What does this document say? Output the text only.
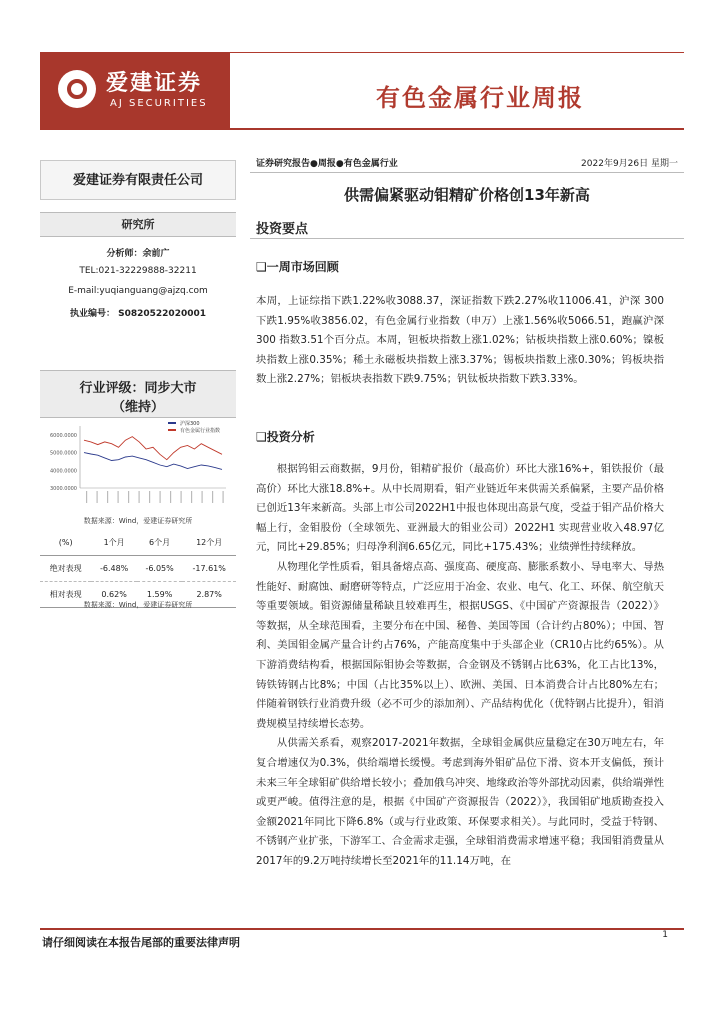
爱建证券
AJ SECURITIES	有色金属行业周报
爱建证券有限责任公司
研究所
分析师：余前广
TEL:021-32229888-32211
E-mail:yuqianguang@ajzq.com
执业编号： S0820522020001
行业评级：同步大市
（维持）
6000.0000
5000.0000
4000.0000
3000.0000
沪深300
有色金属行业指数
数据来源：Wind，爱建证券研究所
(%)	1个月	6个月	12个月
绝对表现	-6.48%	-6.05%	-17.61%
相对表现	0.62%	1.59%	2.87%
数据来源：Wind，爱建证券研究所
证券研究报告●周报●有色金属行业	2022年9月26日 星期一
供需偏紧驱动钼精矿价格创13年新高
投资要点
❑一周市场回顾

本周，上证综指下跌1.22%收3088.37，深证指数下跌2.27%收11006.41，沪深 300 下跌1.95%收3856.02，有色金属行业指数（申万）上涨1.56%收5066.51，跑赢沪深 300 指数3.51个百分点。本周，钽板块指数上涨1.02%；钴板块指数上涨0.60%；镍板块指数上涨0.35%；稀土永磁板块指数上涨3.37%；锡板块指数上涨0.30%；钨板块指数上涨2.27%；铝板块表指数下跌9.75%；钒钛板块指数下跌3.33%。

❑投资分析

根据钨钼云商数据，9月份，钼精矿报价（最高价）环比大涨16%+，钼铁报价（最高价）环比大涨18.8%+。从中长周期看，钼产业链近年来供需关系偏紧，主要产品价格已创近13年来新高。头部上市公司2022H1中报也体现出高景气度，受益于钼产品价格大幅上行，金钼股份（全球领先、亚洲最大的钼业公司）2022H1 实现营业收入48.97亿元，同比+29.85%；归母净利润6.65亿元，同比+175.43%；业绩弹性持续释放。

从物理化学性质看，钼具备熔点高、强度高、硬度高、膨胀系数小、导电率大、导热性能好、耐腐蚀、耐磨研等特点，广泛应用于冶金、农业、电气、化工、环保、航空航天等重要领域。钼资源储量稀缺且较难再生，根据USGS、《中国矿产资源报告（2022）》等数据，从全球范围看，主要分布在中国、秘鲁、美国等国（合计约占80%）；中国、智利、美国钼金属产量合计约占76%，产能高度集中于头部企业（CR10占比约65%）。从下游消费结构看，根据国际钼协会等数据，合金钢及不锈钢占比63%，化工占比13%，铸铁铸钢占比8%；中国（占比35%以上）、欧洲、美国、日本消费合计占比80%左右；伴随着钢铁行业消费升级（必不可少的添加剂）、产品结构优化（优特钢占比提升），钼消费规模呈持续增长态势。

从供需关系看，观察2017-2021年数据，全球钼金属供应量稳定在30万吨左右，年复合增速仅为0.3%，供给端增长缓慢。考虑到海外钼矿品位下滑、资本开支偏低，预计未来三年全球钼矿供给增长较小；叠加俄乌冲突、地缘政治等外部扰动因素，供给端弹性或更严峻。值得注意的是，根据《中国矿产资源报告（2022）》，我国钼矿地质勘查投入金额2021年同比下降6.8%（或与行业政策、环保要求相关）。与此同时，受益于特钢、不锈钢产业扩张，下游军工、合金需求走强，全球钼消费需求增速平稳；我国钼消费量从2017年的9.2万吨持续增长至2021年的11.14万吨，在

请仔细阅读在本报告尾部的重要法律声明
1
